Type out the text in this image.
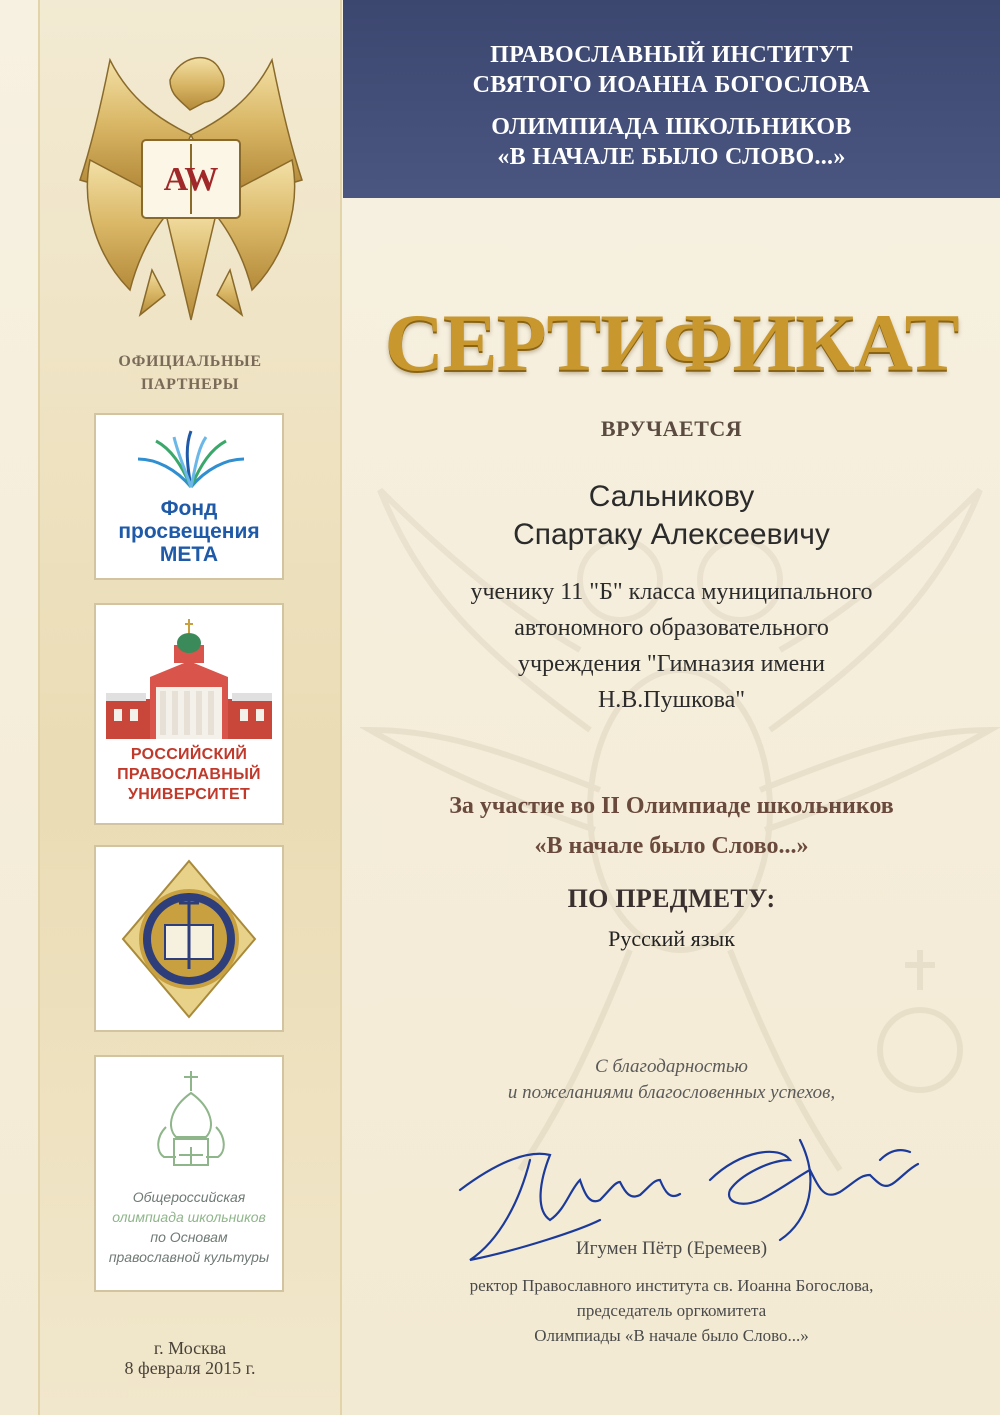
AW
ПРАВОСЛАВНЫЙ ИНСТИТУТ
СВЯТОГО ИОАННА БОГОСЛОВА
ОЛИМПИАДА ШКОЛЬНИКОВ
«В НАЧАЛЕ БЫЛО СЛОВО...»
ОФИЦИАЛЬНЫЕ
ПАРТНЕРЫ
Фонд
просвещения
МЕТА
РОССИЙСКИЙ
ПРАВОСЛАВНЫЙ
УНИВЕРСИТЕТ
Общероссийская
олимпиада школьников
по Основам
православной культуры
г. Москва
8 февраля 2015 г.
СЕРТИФИКАТ
ВРУЧАЕТСЯ
Сальникову
Спартаку Алексеевичу
ученику 11 "Б" класса муниципального
автономного образовательного
учреждения "Гимназия имени
Н.В.Пушкова"
За участие во II Олимпиаде школьников
«В начале было Слово...»
ПО ПРЕДМЕТУ:
Русский язык
С благодарностью
и пожеланиями благословенных успехов,
Игумен Пётр (Еремеев)
ректор Православного института св. Иоанна Богослова,
председатель оргкомитета
Олимпиады «В начале было Слово...»
